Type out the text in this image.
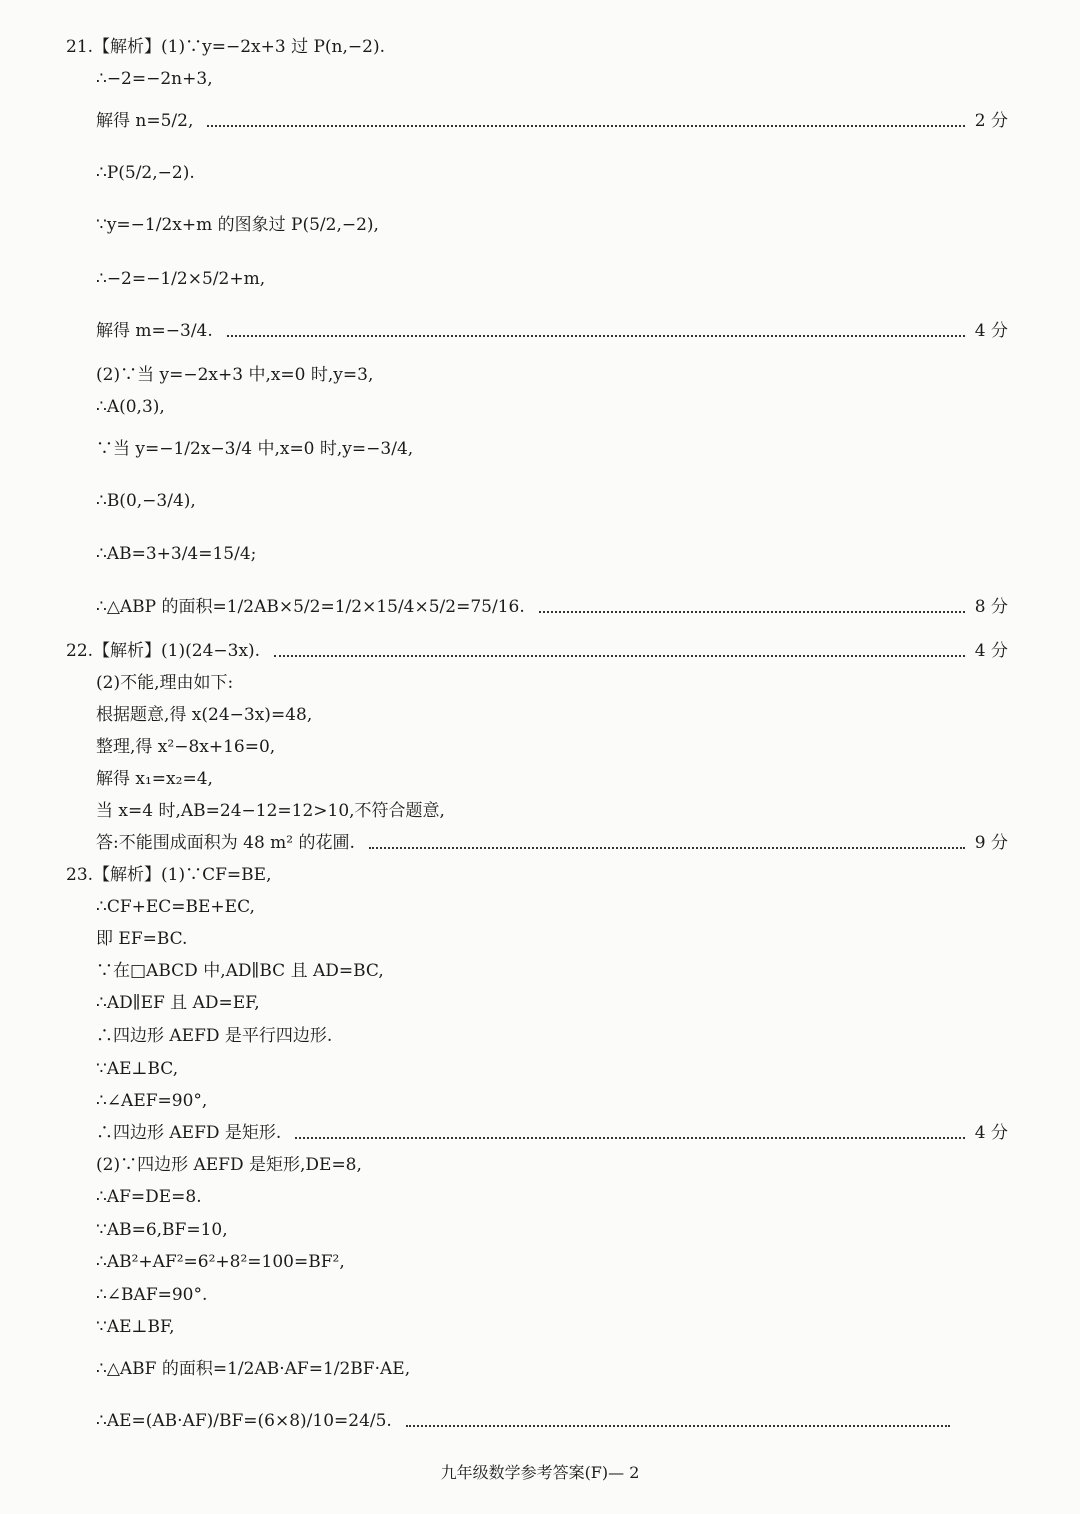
21.【解析】(1)∵y=−2x+3 过 P(n,−2).
∴−2=−2n+3,
解得 n=5/2,	2 分
∴P(5/2,−2).
∵y=−1/2x+m 的图象过 P(5/2,−2),
∴−2=−1/2×5/2+m,
解得 m=−3/4.	4 分
(2)∵当 y=−2x+3 中,x=0 时,y=3,
∴A(0,3),
∵当 y=−1/2x−3/4 中,x=0 时,y=−3/4,
∴B(0,−3/4),
∴AB=3+3/4=15/4;
∴△ABP 的面积=1/2AB×5/2=1/2×15/4×5/2=75/16.	8 分
22.【解析】(1)(24−3x).	4 分
(2)不能,理由如下:
根据题意,得 x(24−3x)=48,
整理,得 x²−8x+16=0,
解得 x₁=x₂=4,
当 x=4 时,AB=24−12=12>10,不符合题意,
答:不能围成面积为 48 m² 的花圃.	9 分
23.【解析】(1)∵CF=BE,
∴CF+EC=BE+EC,
即 EF=BC.
∵在□ABCD 中,AD∥BC 且 AD=BC,
∴AD∥EF 且 AD=EF,
∴四边形 AEFD 是平行四边形.
∵AE⊥BC,
∴∠AEF=90°,
∴四边形 AEFD 是矩形.	4 分
(2)∵四边形 AEFD 是矩形,DE=8,
∴AF=DE=8.
∵AB=6,BF=10,
∴AB²+AF²=6²+8²=100=BF²,
∴∠BAF=90°.
∵AE⊥BF,
∴△ABF 的面积=1/2AB·AF=1/2BF·AE,
∴AE=(AB·AF)/BF=(6×8)/10=24/5.
九年级数学参考答案(F)— 2
